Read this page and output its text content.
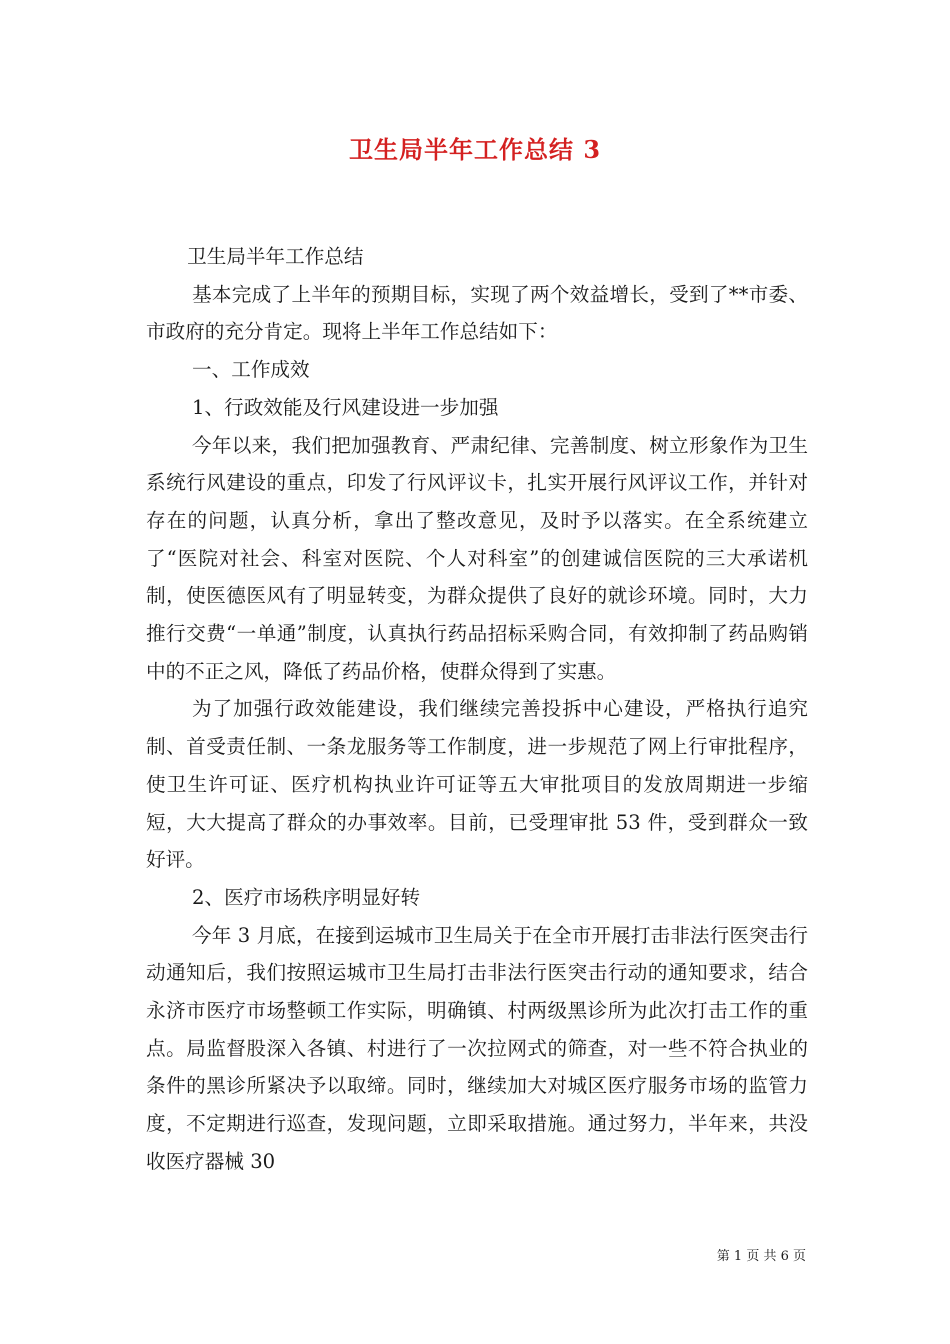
卫生局半年工作总结 3

卫生局半年工作总结

基本完成了上半年的预期目标，实现了两个效益增长，受到了**市委、市政府的充分肯定。现将上半年工作总结如下：

一、工作成效

1、行政效能及行风建设进一步加强

今年以来，我们把加强教育、严肃纪律、完善制度、树立形象作为卫生系统行风建设的重点，印发了行风评议卡，扎实开展行风评议工作，并针对存在的问题，认真分析，拿出了整改意见，及时予以落实。在全系统建立了“医院对社会、科室对医院、个人对科室”的创建诚信医院的三大承诺机制，使医德医风有了明显转变，为群众提供了良好的就诊环境。同时，大力推行交费“一单通”制度，认真执行药品招标采购合同，有效抑制了药品购销中的不正之风，降低了药品价格，使群众得到了实惠。

为了加强行政效能建设，我们继续完善投拆中心建设，严格执行追究制、首受责任制、一条龙服务等工作制度，进一步规范了网上行审批程序，使卫生许可证、医疗机构执业许可证等五大审批项目的发放周期进一步缩短，大大提高了群众的办事效率。目前，已受理审批 53 件，受到群众一致好评。

2、医疗市场秩序明显好转

今年 3 月底，在接到运城市卫生局关于在全市开展打击非法行医突击行动通知后，我们按照运城市卫生局打击非法行医突击行动的通知要求，结合永济市医疗市场整顿工作实际，明确镇、村两级黑诊所为此次打击工作的重点。局监督股深入各镇、村进行了一次拉网式的筛查，对一些不符合执业的条件的黑诊所紧决予以取缔。同时，继续加大对城区医疗服务市场的监管力度，不定期进行巡查，发现问题，立即采取措施。通过努力，半年来，共没收医疗器械 30

第 1 页 共 6 页
